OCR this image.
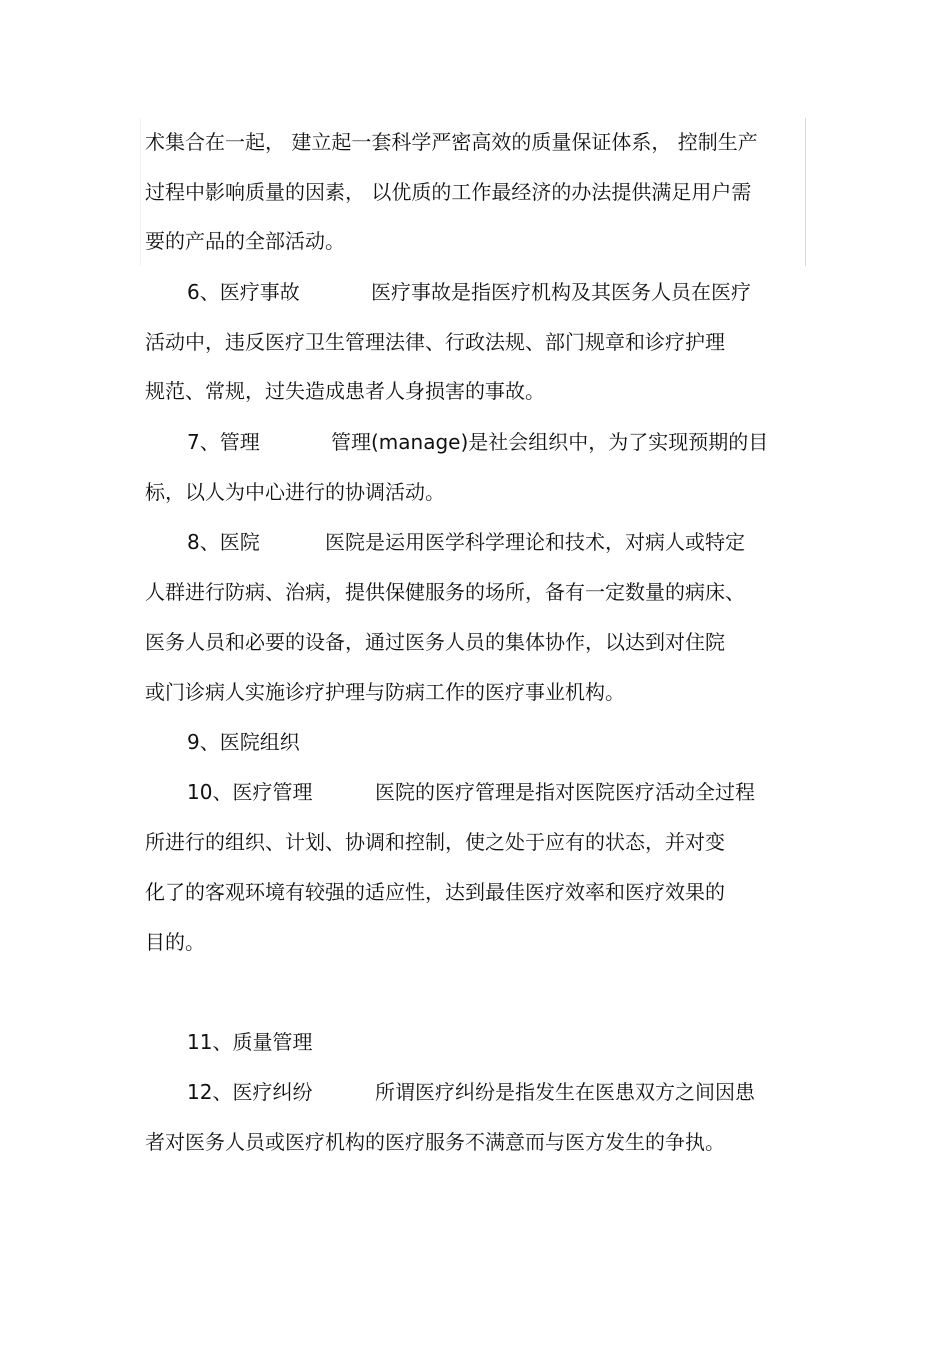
术集合在一起， 建立起一套科学严密高效的质量保证体系， 控制生产
过程中影响质量的因素， 以优质的工作最经济的办法提供满足用户需
要的产品的全部活动。
6、医疗事故	医疗事故是指医疗机构及其医务人员在医疗
活动中，违反医疗卫生管理法律、行政法规、部门规章和诊疗护理
规范、常规，过失造成患者人身损害的事故。
7、管理	管理(manage)是社会组织中，为了实现预期的目
标，以人为中心进行的协调活动。
8、医院	医院是运用医学科学理论和技术，对病人或特定
人群进行防病、治病，提供保健服务的场所，备有一定数量的病床、
医务人员和必要的设备，通过医务人员的集体协作，以达到对住院
或门诊病人实施诊疗护理与防病工作的医疗事业机构。
9、医院组织
10、医疗管理	医院的医疗管理是指对医院医疗活动全过程
所进行的组织、计划、协调和控制，使之处于应有的状态，并对变
化了的客观环境有较强的适应性，达到最佳医疗效率和医疗效果的
目的。
11、质量管理
12、医疗纠纷	所谓医疗纠纷是指发生在医患双方之间因患
者对医务人员或医疗机构的医疗服务不满意而与医方发生的争执。
